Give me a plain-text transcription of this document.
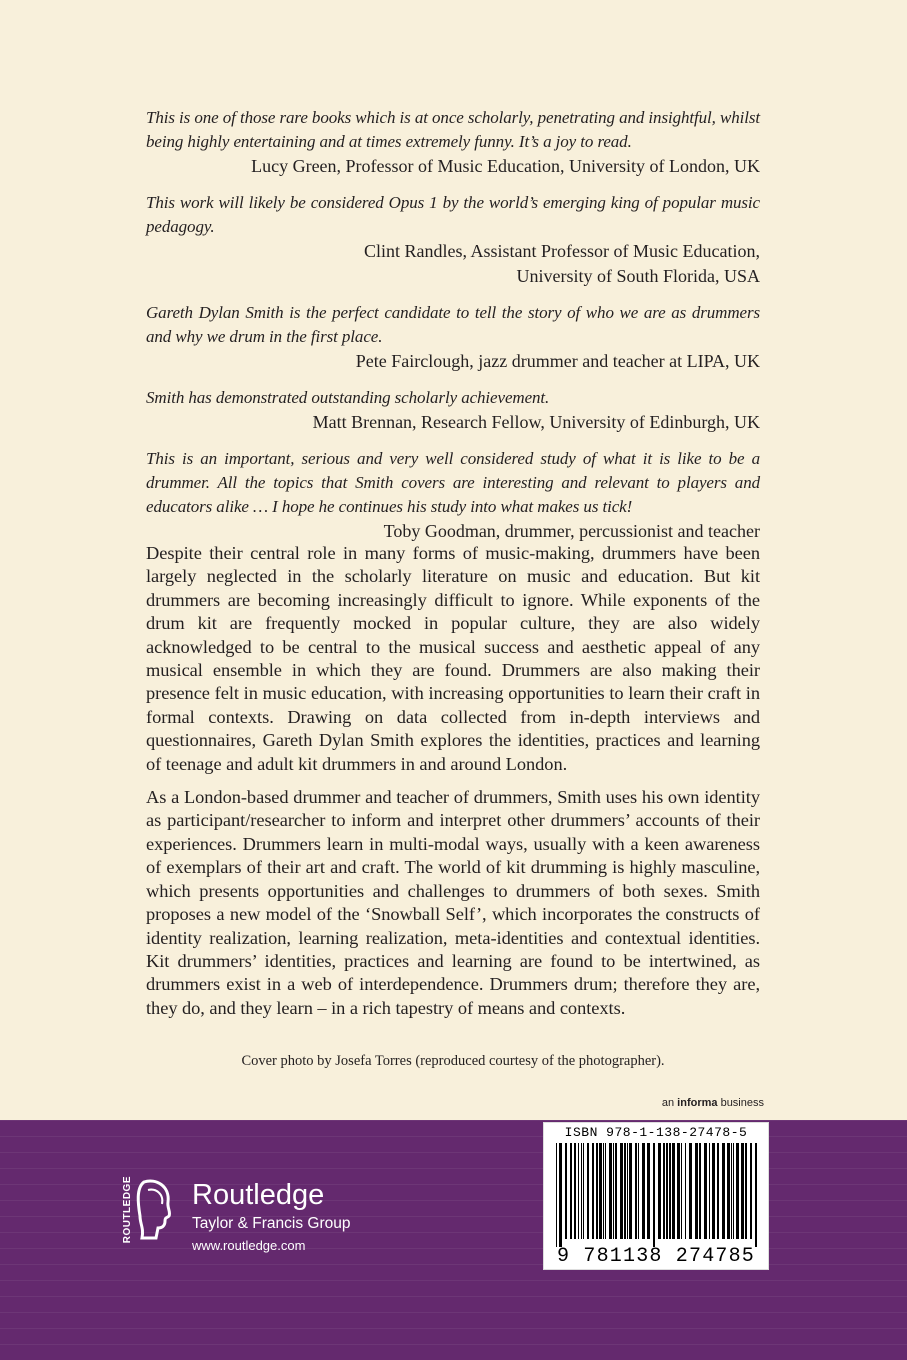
This is one of those rare books which is at once scholarly, penetrating and insightful, whilst being highly entertaining and at times extremely funny. It’s a joy to read.

Lucy Green, Professor of Music Education, University of London, UK

This work will likely be considered Opus 1 by the world’s emerging king of popular music pedagogy.

Clint Randles, Assistant Professor of Music Education,

University of South Florida, USA

Gareth Dylan Smith is the perfect candidate to tell the story of who we are as drummers and why we drum in the first place.

Pete Fairclough, jazz drummer and teacher at LIPA, UK

Smith has demonstrated outstanding scholarly achievement.

Matt Brennan, Research Fellow, University of Edinburgh, UK

This is an important, serious and very well considered study of what it is like to be a drummer. All the topics that Smith covers are interesting and relevant to players and educators alike … I hope he continues his study into what makes us tick!

Toby Goodman, drummer, percussionist and teacher

Despite their central role in many forms of music-making, drummers have been largely neglected in the scholarly literature on music and education. But kit drummers are becoming increasingly difficult to ignore. While exponents of the drum kit are frequently mocked in popular culture, they are also widely acknowledged to be central to the musical success and aesthetic appeal of any musical ensemble in which they are found. Drummers are also making their presence felt in music education, with increasing opportunities to learn their craft in formal contexts. Drawing on data collected from in-depth interviews and questionnaires, Gareth Dylan Smith explores the identities, practices and learning of teenage and adult kit drummers in and around London.

As a London-based drummer and teacher of drummers, Smith uses his own identity as participant/researcher to inform and interpret other drummers’ accounts of their experiences. Drummers learn in multi-modal ways, usually with a keen awareness of exemplars of their art and craft. The world of kit drumming is highly masculine, which presents opportunities and challenges to drummers of both sexes. Smith proposes a new model of the ‘Snowball Self’, which incorporates the constructs of identity realization, learning realization, meta-identities and contextual identities. Kit drummers’ identities, practices and learning are found to be intertwined, as drummers exist in a web of interdependence. Drummers drum; therefore they are, they do, and they learn – in a rich tapestry of means and contexts.

Cover photo by Josefa Torres (reproduced courtesy of the photographer).
an informa business
ROUTLEDGE Routledge
Taylor & Francis Group
www.routledge.com
ISBN 978-1-138-27478-5
9 781138 274785
